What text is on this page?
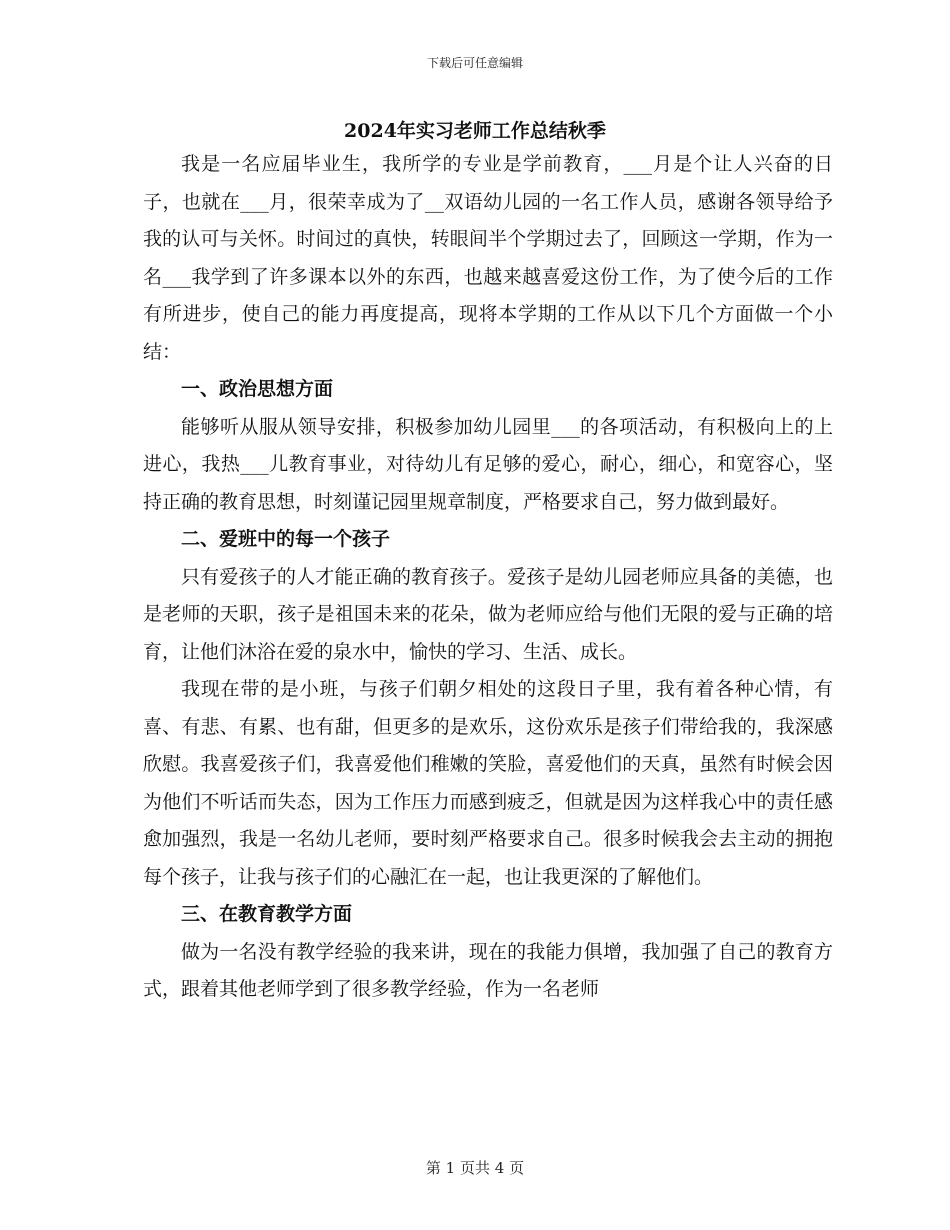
下载后可任意编辑
2024年实习老师工作总结秋季

我是一名应届毕业生，我所学的专业是学前教育，___月是个让人兴奋的日子，也就在___月，很荣幸成为了__双语幼儿园的一名工作人员，感谢各领导给予我的认可与关怀。时间过的真快，转眼间半个学期过去了，回顾这一学期，作为一名___我学到了许多课本以外的东西，也越来越喜爱这份工作，为了使今后的工作有所进步，使自己的能力再度提高，现将本学期的工作从以下几个方面做一个小结：

一、政治思想方面

能够听从服从领导安排，积极参加幼儿园里___的各项活动，有积极向上的上进心，我热___儿教育事业，对待幼儿有足够的爱心，耐心，细心，和宽容心，坚持正确的教育思想，时刻谨记园里规章制度，严格要求自己，努力做到最好。

二、爱班中的每一个孩子

只有爱孩子的人才能正确的教育孩子。爱孩子是幼儿园老师应具备的美德，也是老师的天职，孩子是祖国未来的花朵，做为老师应给与他们无限的爱与正确的培育，让他们沐浴在爱的泉水中，愉快的学习、生活、成长。

我现在带的是小班，与孩子们朝夕相处的这段日子里，我有着各种心情，有喜、有悲、有累、也有甜，但更多的是欢乐，这份欢乐是孩子们带给我的，我深感欣慰。我喜爱孩子们，我喜爱他们稚嫩的笑脸，喜爱他们的天真，虽然有时候会因为他们不听话而失态，因为工作压力而感到疲乏，但就是因为这样我心中的责任感愈加强烈，我是一名幼儿老师，要时刻严格要求自己。很多时候我会去主动的拥抱每个孩子，让我与孩子们的心融汇在一起，也让我更深的了解他们。

三、在教育教学方面

做为一名没有教学经验的我来讲，现在的我能力俱增，我加强了自己的教育方式，跟着其他老师学到了很多教学经验，作为一名老师

第 1 页共 4 页
